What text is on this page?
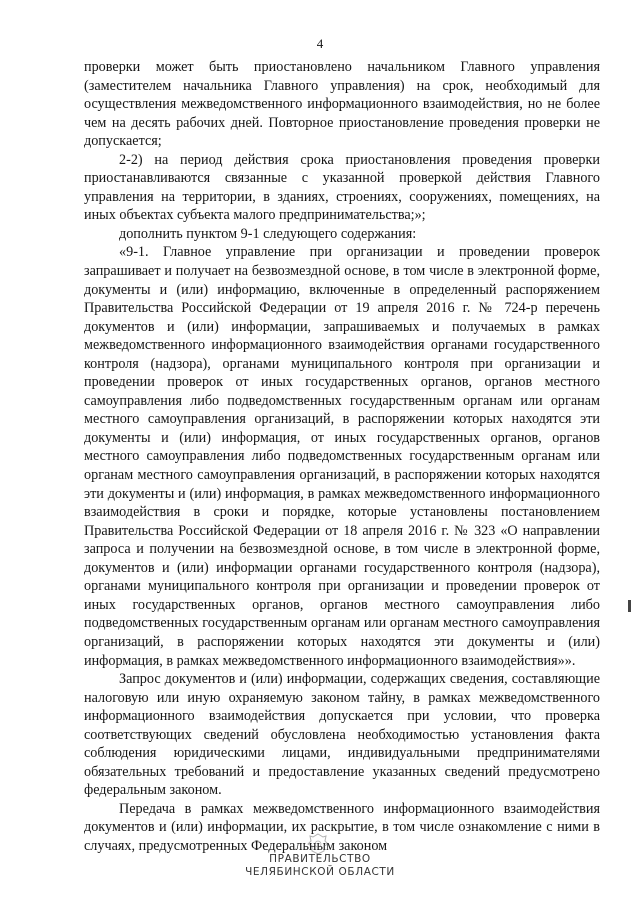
4

проверки может быть приостановлено начальником Главного управления (заместителем начальника Главного управления) на срок, необходимый для осуществления межведомственного информационного взаимодействия, но не более чем на десять рабочих дней. Повторное приостановление проведения проверки не допускается;

2-2) на период действия срока приостановления проведения проверки приостанавливаются связанные с указанной проверкой действия Главного управления на территории, в зданиях, строениях, сооружениях, помещениях, на иных объектах субъекта малого предпринимательства;»;

дополнить пунктом 9-1 следующего содержания:

«9-1. Главное управление при организации и проведении проверок запрашивает и получает на безвозмездной основе, в том числе в электронной форме, документы и (или) информацию, включенные в определенный распоряжением Правительства Российской Федерации от 19 апреля 2016 г. № 724-р перечень документов и (или) информации, запрашиваемых и получаемых в рамках межведомственного информационного взаимодействия органами государственного контроля (надзора), органами муниципального контроля при организации и проведении проверок от иных государственных органов, органов местного самоуправления либо подведомственных государственным органам или органам местного самоуправления организаций, в распоряжении которых находятся эти документы и (или) информация, от иных государственных органов, органов местного самоуправления либо подведомственных государственным органам или органам местного самоуправления организаций, в распоряжении которых находятся эти документы и (или) информация, в рамках межведомственного информационного взаимодействия в сроки и порядке, которые установлены постановлением Правительства Российской Федерации от 18 апреля 2016 г. № 323 «О направлении запроса и получении на безвозмездной основе, в том числе в электронной форме, документов и (или) информации органами государственного контроля (надзора), органами муниципального контроля при организации и проведении проверок от иных государственных органов, органов местного самоуправления либо подведомственных государственным органам или органам местного самоуправления организаций, в распоряжении которых находятся эти документы и (или) информация, в рамках межведомственного информационного взаимодействия»».

Запрос документов и (или) информации, содержащих сведения, составляющие налоговую или иную охраняемую законом тайну, в рамках межведомственного информационного взаимодействия допускается при условии, что проверка соответствующих сведений обусловлена необходимостью установления факта соблюдения юридическими лицами, индивидуальными предпринимателями обязательных требований и предоставление указанных сведений предусмотрено федеральным законом.

Передача в рамках межведомственного информационного взаимодействия документов и (или) информации, их раскрытие, в том числе ознакомление с ними в случаях, предусмотренных Федеральным законом

ПРАВИТЕЛЬСТВО
ЧЕЛЯБИНСКОЙ ОБЛАСТИ
